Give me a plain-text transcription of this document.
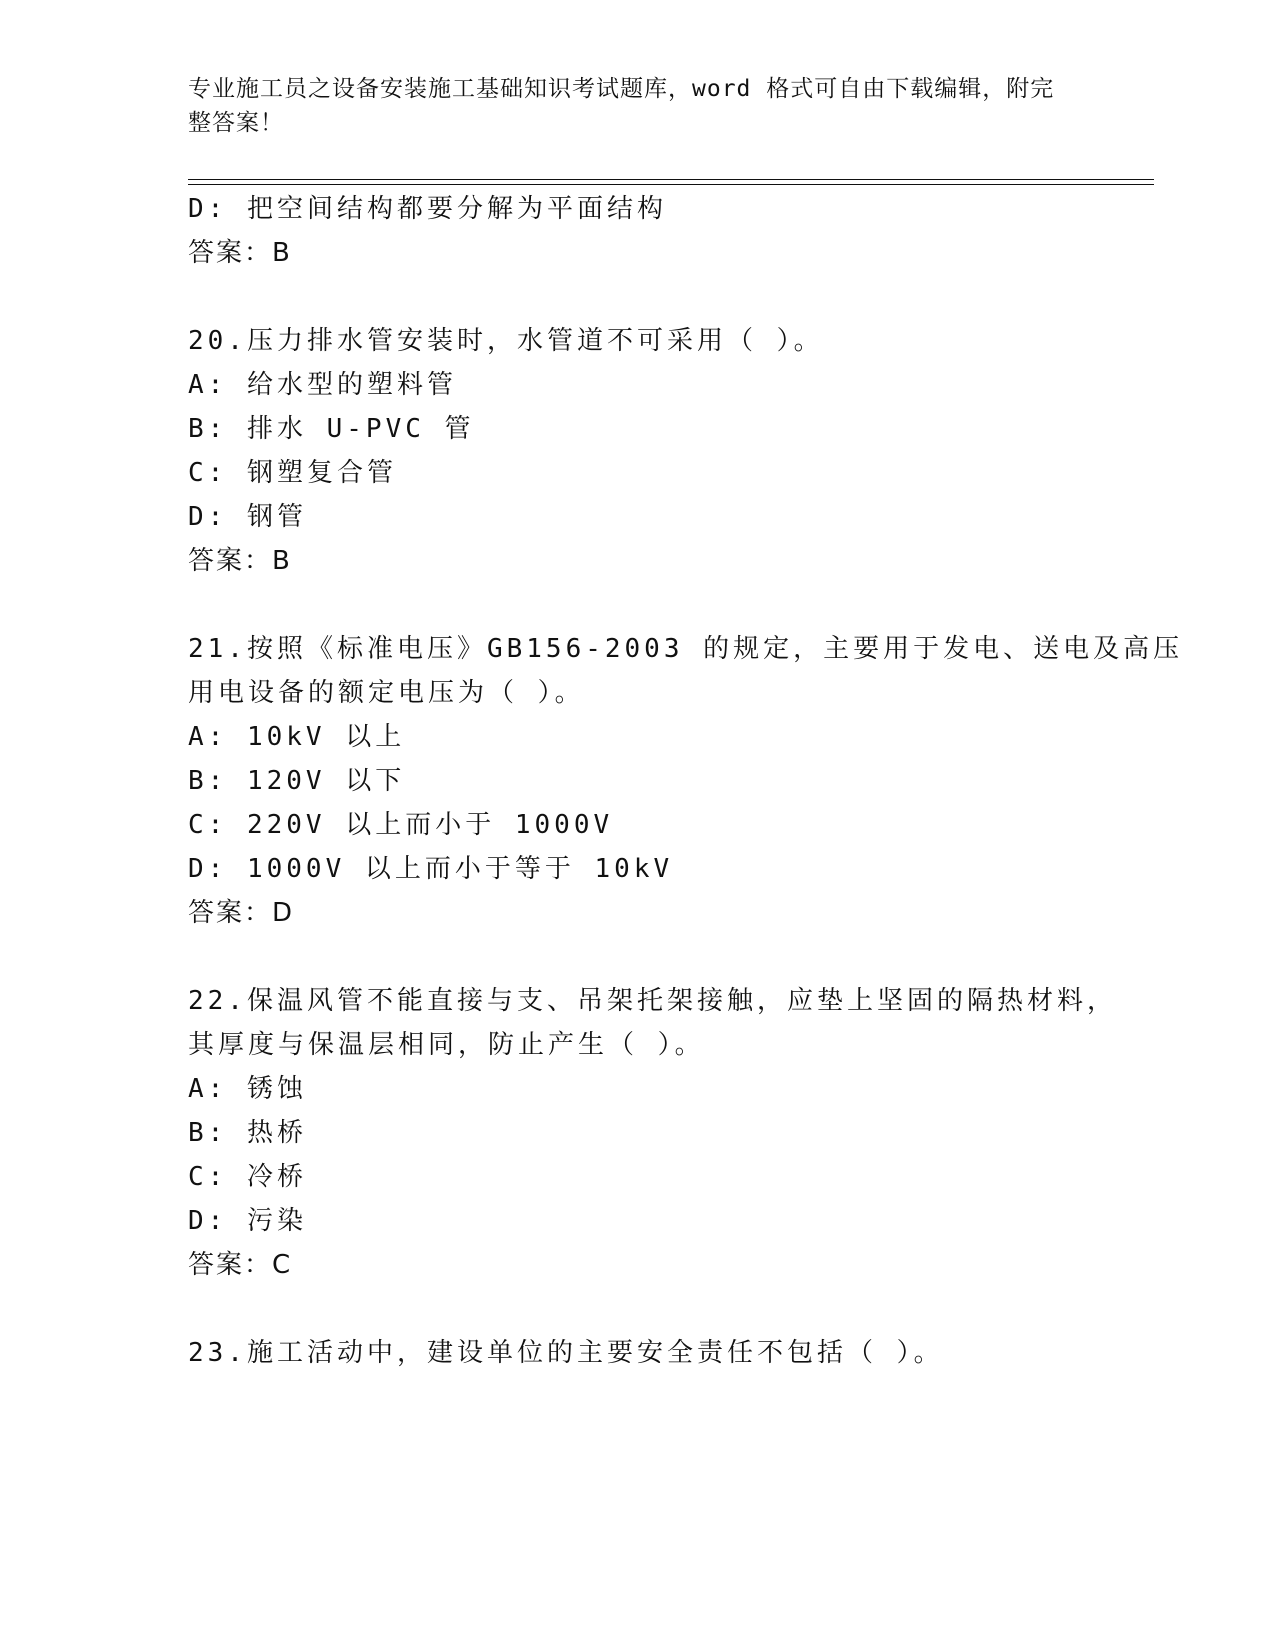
专业施工员之设备安装施工基础知识考试题库，word 格式可自由下载编辑，附完
整答案！
D: 把空间结构都要分解为平面结构
答案：B
20.压力排水管安装时，水管道不可采用（ ）。
A: 给水型的塑料管
B: 排水 U-PVC 管
C: 钢塑复合管
D: 钢管
答案：B
21.按照《标准电压》GB156-2003 的规定，主要用于发电、送电及高压
用电设备的额定电压为（ ）。
A: 10kV 以上
B: 120V 以下
C: 220V 以上而小于 1000V
D: 1000V 以上而小于等于 10kV
答案：D
22.保温风管不能直接与支、吊架托架接触，应垫上坚固的隔热材料，
其厚度与保温层相同，防止产生（ ）。
A: 锈蚀
B: 热桥
C: 冷桥
D: 污染
答案：C
23.施工活动中，建设单位的主要安全责任不包括（ ）。
